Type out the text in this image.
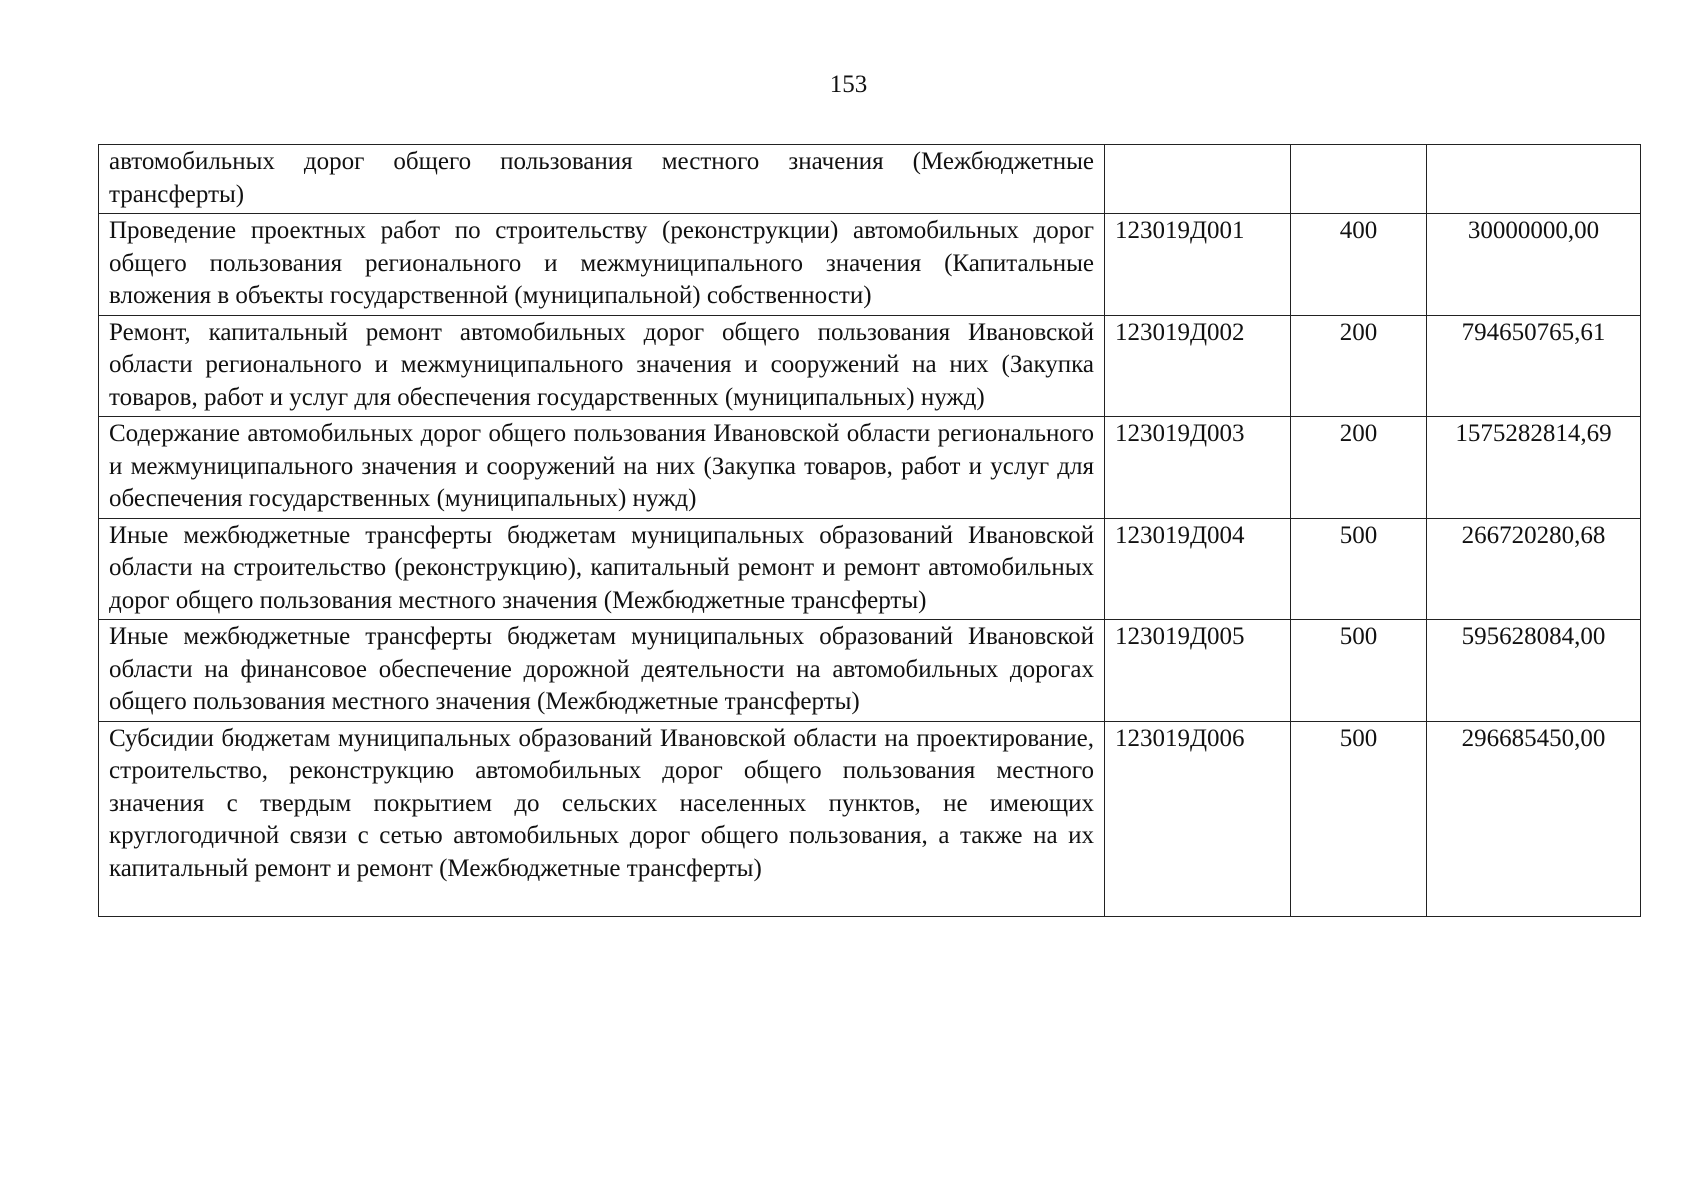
153
автомобильных дорог общего пользования местного значения (Межбюджетные трансферты)			
Проведение проектных работ по строительству (реконструкции) автомобильных дорог общего пользования регионального и межмуниципального значения (Капитальные вложения в объекты государственной (муниципальной) собственности)	123019Д001	400	30000000,00
Ремонт, капитальный ремонт автомобильных дорог общего пользования Ивановской области регионального и межмуниципального значения и сооружений на них (Закупка товаров, работ и услуг для обеспечения государственных (муниципальных) нужд)	123019Д002	200	794650765,61
Содержание автомобильных дорог общего пользования Ивановской области регионального и межмуниципального значения и сооружений на них (Закупка товаров, работ и услуг для обеспечения государственных (муниципальных) нужд)	123019Д003	200	1575282814,69
Иные межбюджетные трансферты бюджетам муниципальных образований Ивановской области на строительство (реконструкцию), капитальный ремонт и ремонт автомобильных дорог общего пользования местного значения (Межбюджетные трансферты)	123019Д004	500	266720280,68
Иные межбюджетные трансферты бюджетам муниципальных образований Ивановской области на финансовое обеспечение дорожной деятельности на автомобильных дорогах общего пользования местного значения (Межбюджетные трансферты)	123019Д005	500	595628084,00
Субсидии бюджетам муниципальных образований Ивановской области на проектирование, строительство, реконструкцию автомобильных дорог общего пользования местного значения с твердым покрытием до сельских населенных пунктов, не имеющих круглогодичной связи с сетью автомобильных дорог общего пользования, а также на их капитальный ремонт и ремонт (Межбюджетные трансферты)	123019Д006	500	296685450,00
